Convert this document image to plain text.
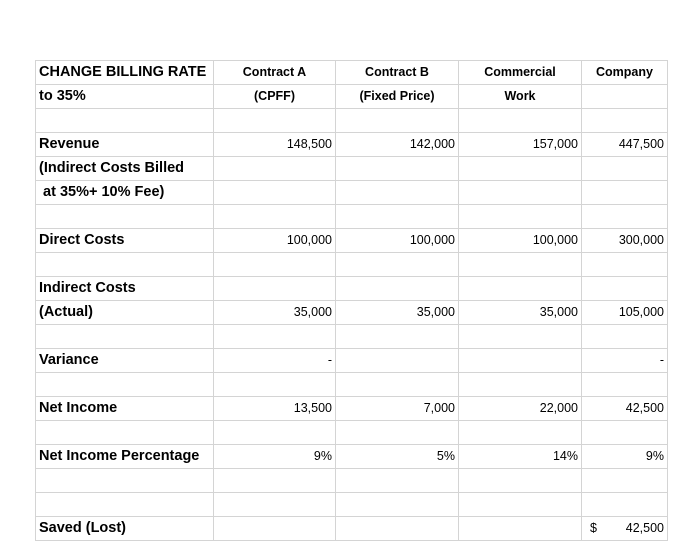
CHANGE BILLING RATE	Contract A	Contract B	Commercial	Company
to 35%	(CPFF)	(Fixed Price)	Work	

Revenue	148,500	142,000	157,000	447,500
(Indirect Costs Billed				
at 35%+ 10% Fee)				

Direct Costs	100,000	100,000	100,000	300,000

Indirect Costs				
(Actual)	35,000	35,000	35,000	105,000

Variance	-			-

Net Income	13,500	7,000	22,000	42,500

Net Income Percentage	9%	5%	14%	9%

Saved (Lost)				$ 42,500
